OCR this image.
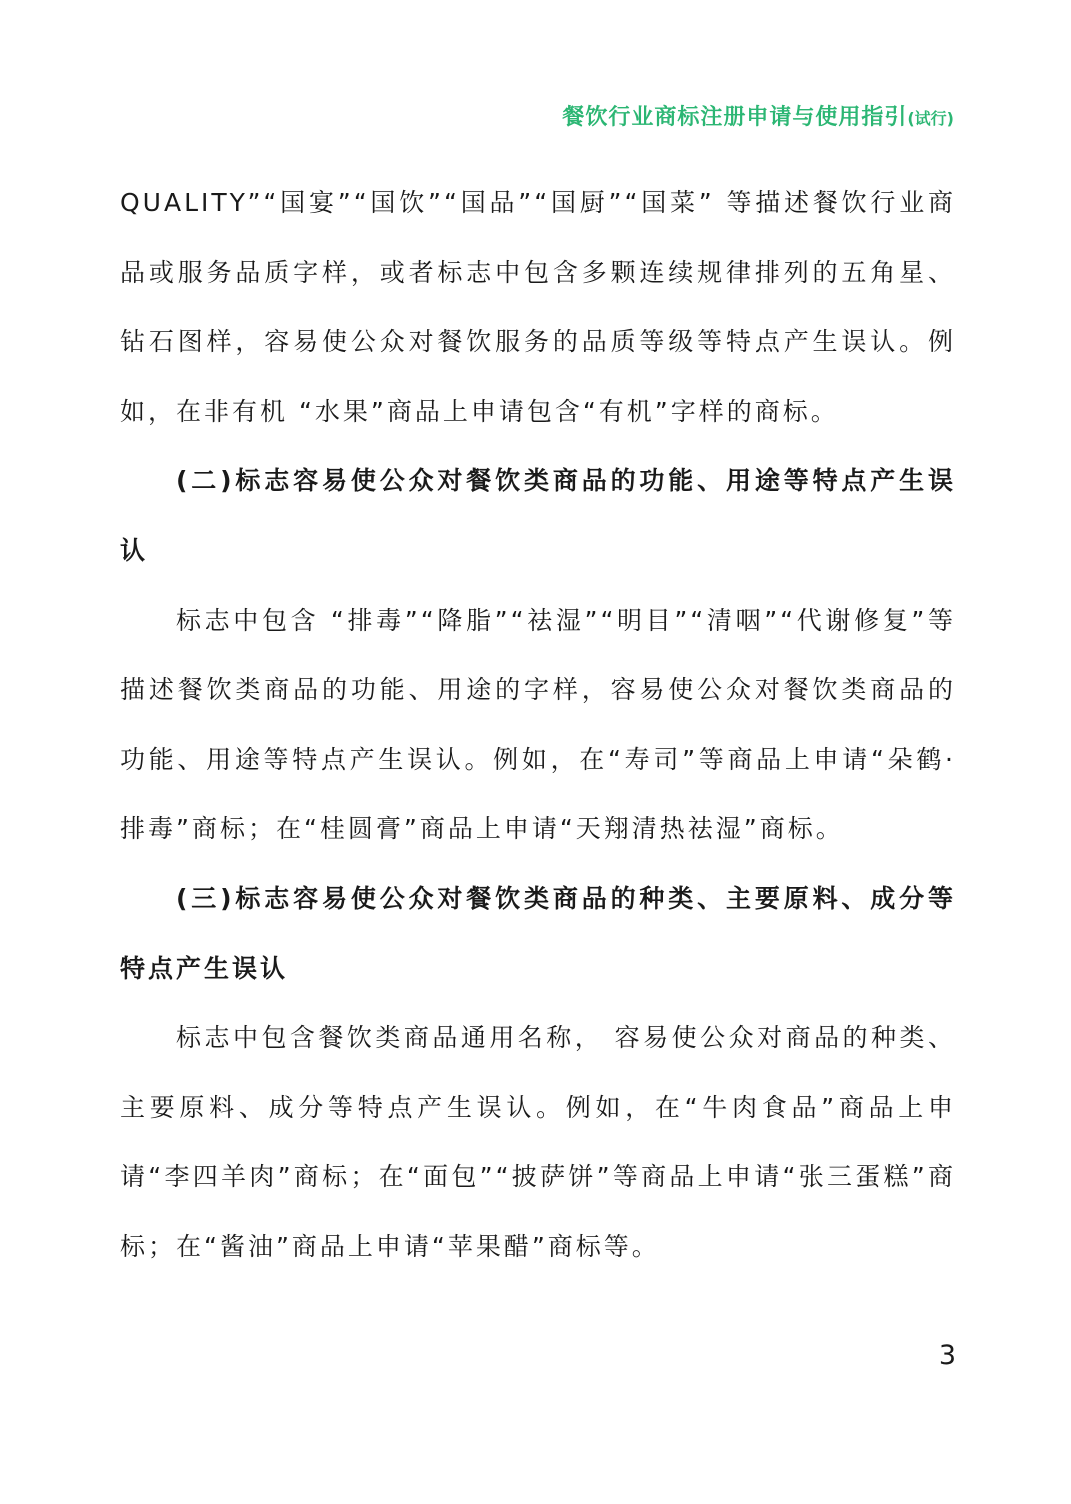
餐饮行业商标注册申请与使用指引(试行)

QUALITY”“国宴”“国饮”“国品”“国厨”“国菜” 等描述餐饮行业商品或服务品质字样，或者标志中包含多颗连续规律排列的五角星、钻石图样，容易使公众对餐饮服务的品质等级等特点产生误认。例如，在非有机 “水果”商品上申请包含“有机”字样的商标。

(二)标志容易使公众对餐饮类商品的功能、用途等特点产生误认

标志中包含 “排毒”“降脂”“祛湿”“明目”“清咽”“代谢修复”等描述餐饮类商品的功能、用途的字样，容易使公众对餐饮类商品的功能、用途等特点产生误认。例如，在“寿司”等商品上申请“朵鹤·排毒”商标；在“桂圆膏”商品上申请“天翔清热祛湿”商标。

(三)标志容易使公众对餐饮类商品的种类、主要原料、成分等特点产生误认

标志中包含餐饮类商品通用名称， 容易使公众对商品的种类、主要原料、成分等特点产生误认。例如，在“牛肉食品”商品上申请“李四羊肉”商标；在“面包”“披萨饼”等商品上申请“张三蛋糕”商标；在“酱油”商品上申请“苹果醋”商标等。

3
